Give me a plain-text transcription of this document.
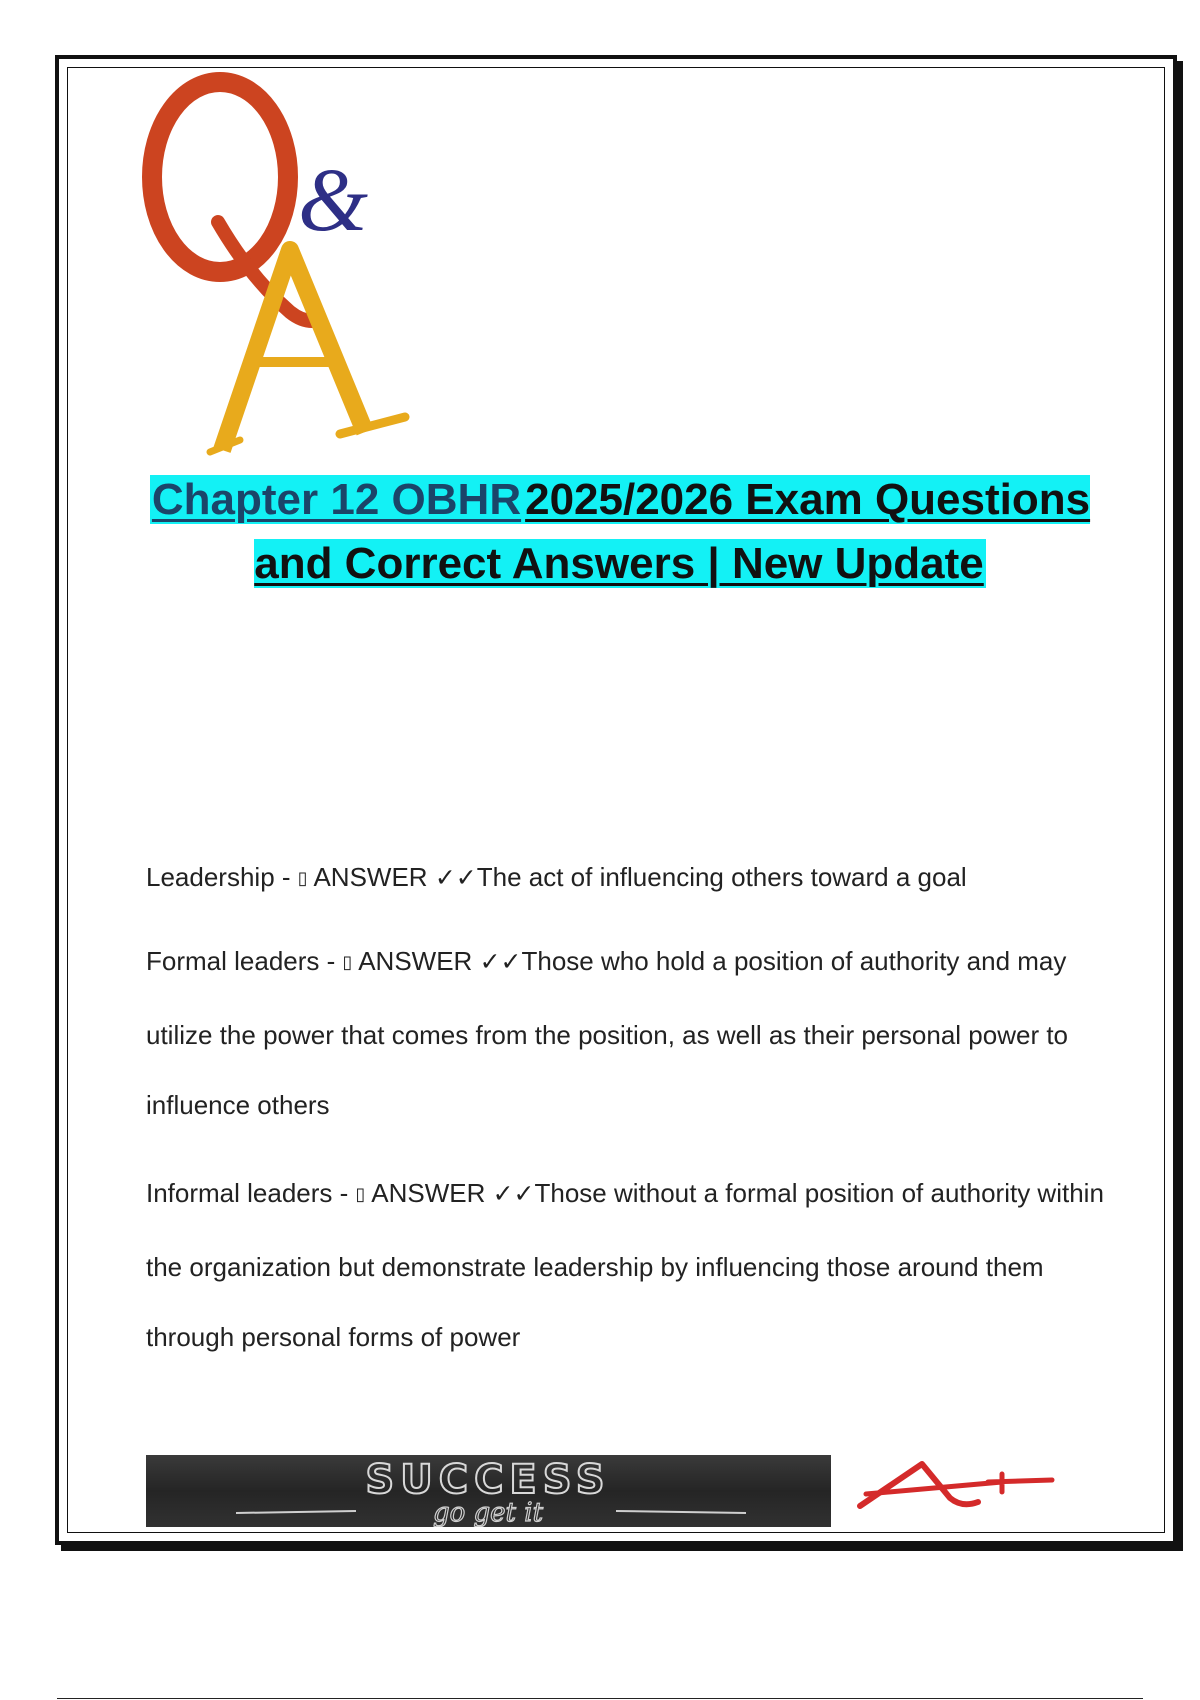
&
Chapter 12 OBHR2025/2026 Exam Questions and Correct Answers | New Update
Leadership - ▯ ANSWER ✓✓The act of influencing others toward a goal
Formal leaders - ▯ ANSWER ✓✓Those who hold a position of authority and may utilize the power that comes from the position, as well as their personal power to influence others
Informal leaders - ▯ ANSWER ✓✓Those without a formal position of authority within the organization but demonstrate leadership by influencing those around them through personal forms of power
SUCCESS
go get it
